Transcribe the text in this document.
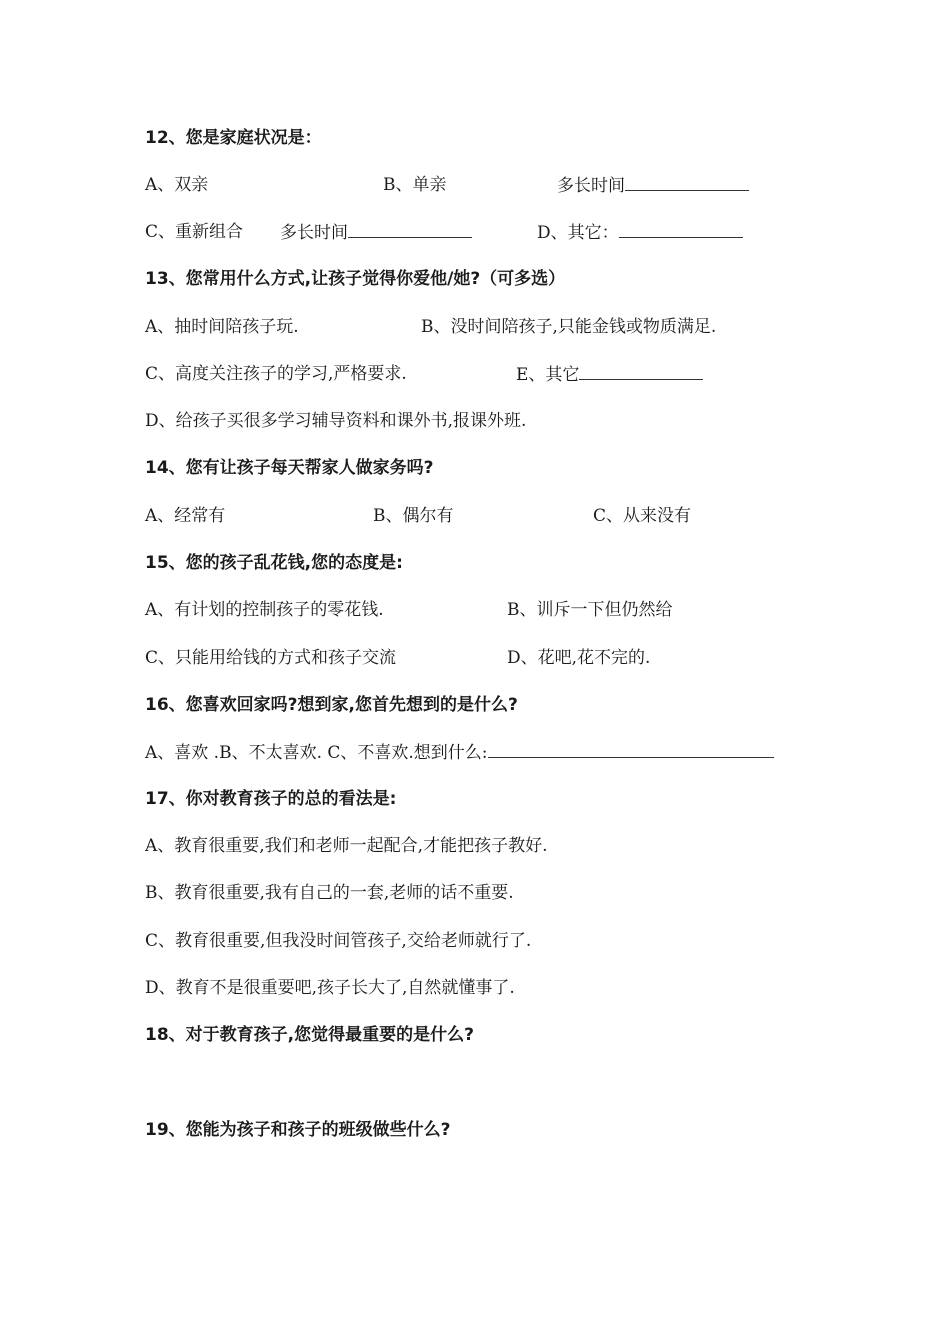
12、您是家庭状况是：
A、双亲	B、单亲	多长时间
C、重新组合 多长时间	D、其它：
13、您常用什么方式,让孩子觉得你爱他/她?（可多选）
A、抽时间陪孩子玩.	B、没时间陪孩子,只能金钱或物质满足.
C、高度关注孩子的学习,严格要求.	E、其它
D、给孩子买很多学习辅导资料和课外书,报课外班.
14、您有让孩子每天帮家人做家务吗?
A、经常有	B、偶尔有	C、从来没有
15、您的孩子乱花钱,您的态度是:
A、有计划的控制孩子的零花钱.	B、训斥一下但仍然给
C、只能用给钱的方式和孩子交流	D、花吧,花不完的.
16、您喜欢回家吗?想到家,您首先想到的是什么?
A、喜欢 .B、不太喜欢. C、不喜欢.想到什么:
17、你对教育孩子的总的看法是:
A、教育很重要,我们和老师一起配合,才能把孩子教好.
B、教育很重要,我有自己的一套,老师的话不重要.
C、教育很重要,但我没时间管孩子,交给老师就行了.
D、教育不是很重要吧,孩子长大了,自然就懂事了.
18、对于教育孩子,您觉得最重要的是什么?
19、您能为孩子和孩子的班级做些什么?
